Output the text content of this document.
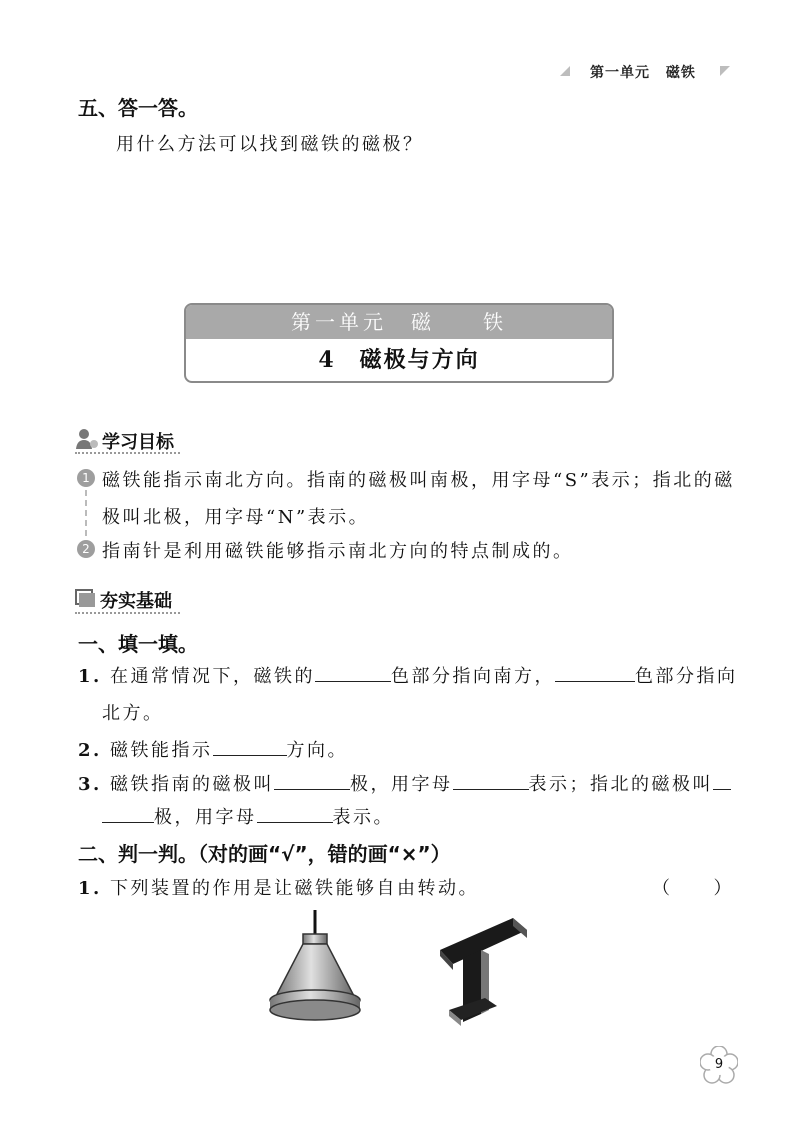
第一单元 磁铁
五、答一答。
用什么方法可以找到磁铁的磁极？
第一单元　磁　　铁
4　磁极与方向
学习目标
1 磁铁能指示南北方向。指南的磁极叫南极，用字母“S”表示；指北的磁
极叫北极，用字母“N”表示。
2 指南针是利用磁铁能够指示南北方向的特点制成的。
夯实基础
一、填一填。
1. 在通常情况下，磁铁的	色部分指向南方，	色部分指向
北方。
2. 磁铁能指示	方向。
3. 磁铁指南的磁极叫	极，用字母	表示；指北的磁极叫
极，用字母	表示。
二、判一判。（对的画“√”，错的画“×”）
1. 下列装置的作用是让磁铁能够自由转动。	（　　）
9
